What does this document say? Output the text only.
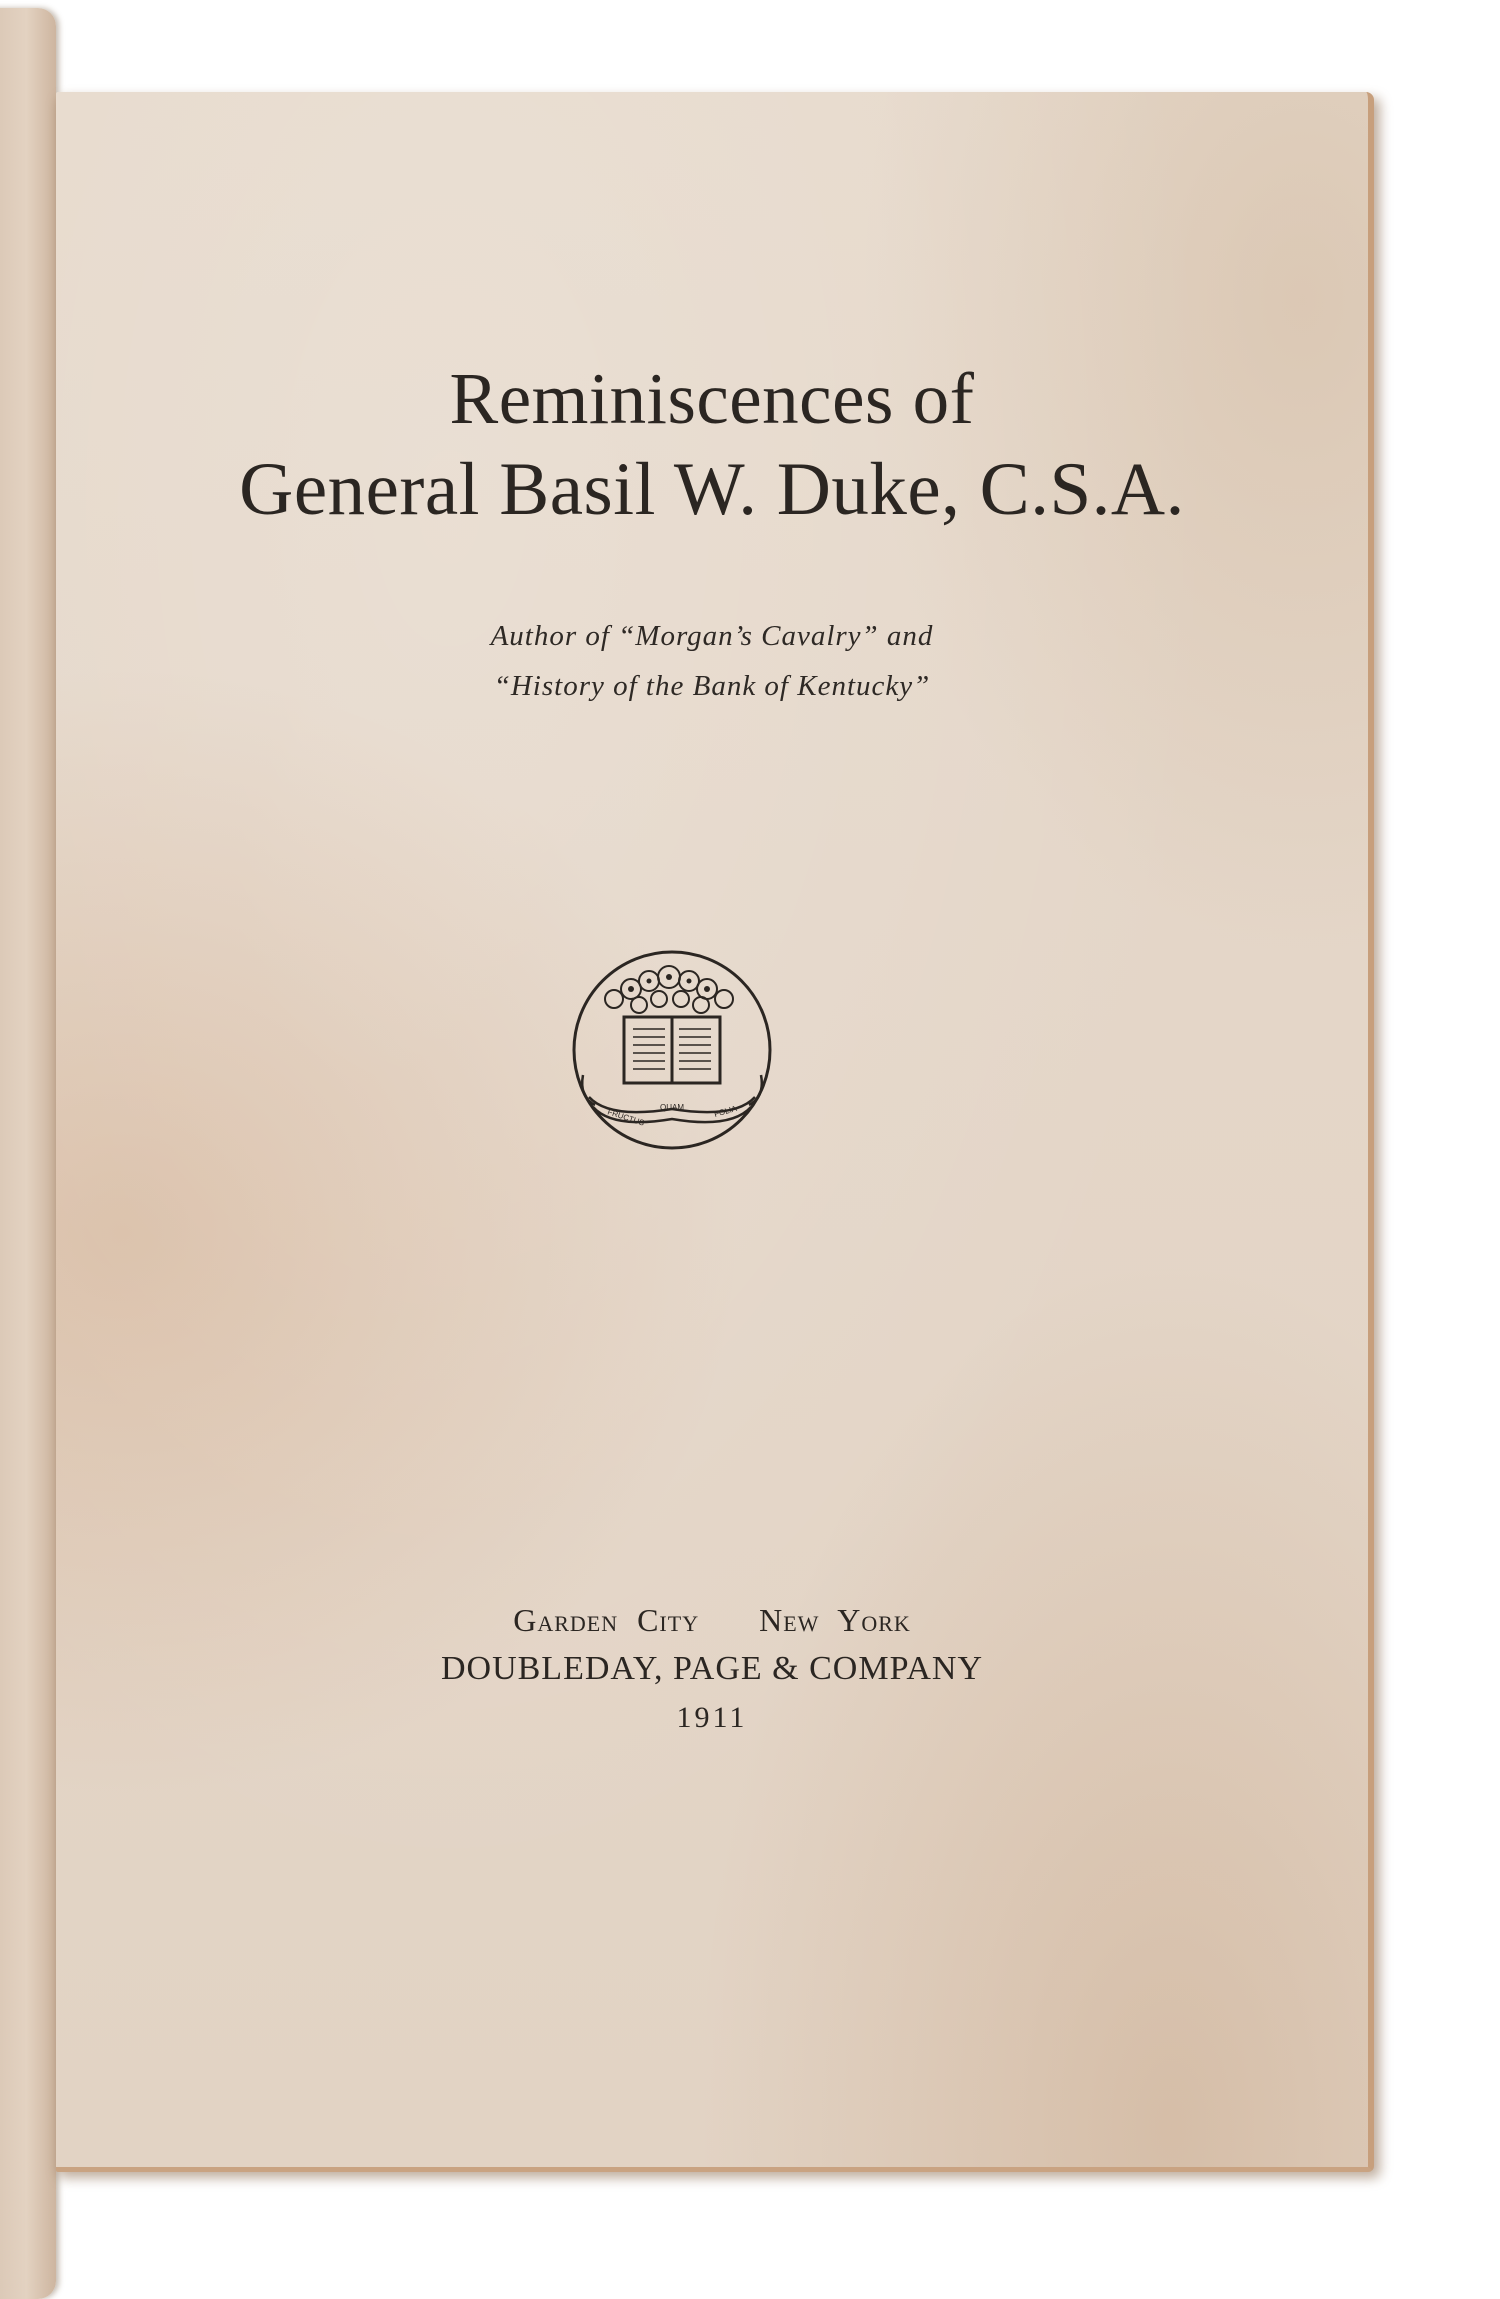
Reminiscences of
General Basil W. Duke, C.S.A.
Author of “Morgan’s Cavalry” and
“History of the Bank of Kentucky”
FRUCTUS QUAM	FOLIA
Garden City New York
DOUBLEDAY, PAGE & COMPANY
1911
